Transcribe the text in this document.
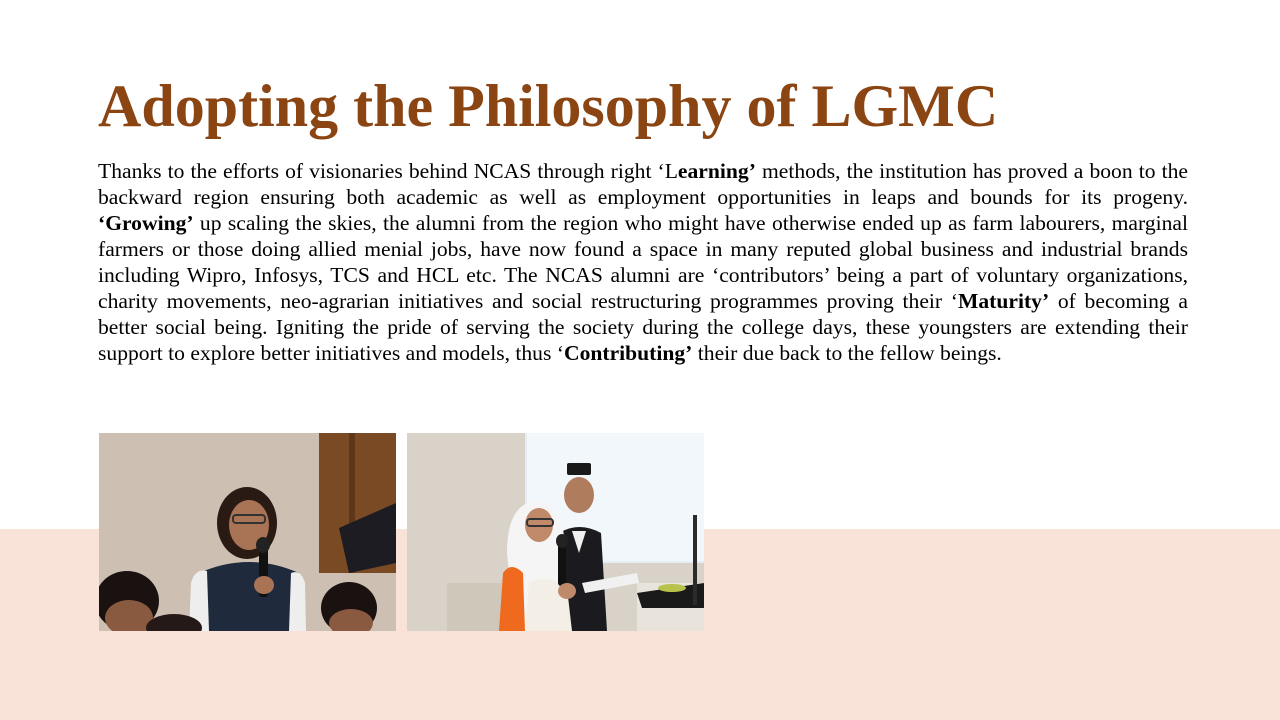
Adopting the Philosophy of LGMC

Thanks to the efforts of visionaries behind NCAS through right ‘Learning’ methods, the institution has proved a boon to the backward region ensuring both academic as well as employment opportunities in leaps and bounds for its progeny. ‘Growing’ up scaling the skies, the alumni from the region who might have otherwise ended up as farm labourers, marginal farmers or those doing allied menial jobs, have now found a space in many reputed global business and industrial brands including Wipro, Infosys, TCS and HCL etc. The NCAS alumni are ‘contributors’ being a part of voluntary organizations, charity movements, neo-agrarian initiatives and social restructuring programmes proving their ‘Maturity’ of becoming a better social being. Igniting the pride of serving the society during the college days, these youngsters are extending their support to explore better initiatives and models, thus ‘Contributing’ their due back to the fellow beings.
